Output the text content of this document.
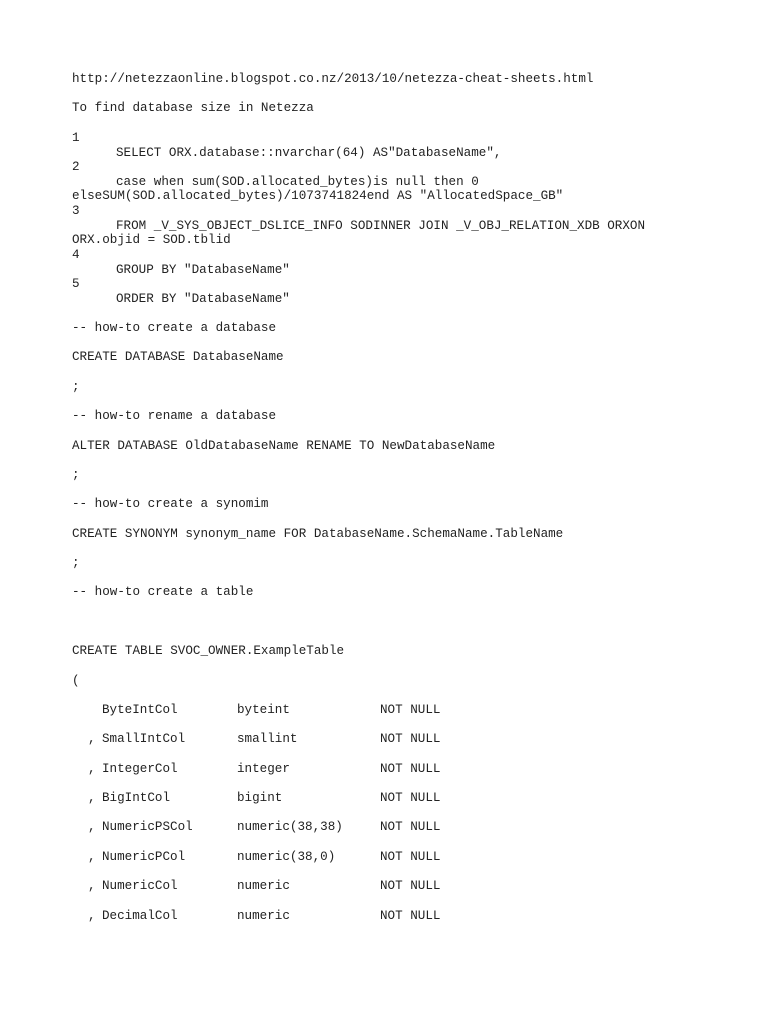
http://netezzaonline.blogspot.co.nz/2013/10/netezza-cheat-sheets.html
To find database size in Netezza
1
SELECT ORX.database::nvarchar(64) AS"DatabaseName",
2
case when sum(SOD.allocated_bytes)is null then 0
elseSUM(SOD.allocated_bytes)/1073741824end AS "AllocatedSpace_GB"
3
FROM _V_SYS_OBJECT_DSLICE_INFO SODINNER JOIN _V_OBJ_RELATION_XDB ORXON
ORX.objid = SOD.tblid
4
GROUP BY "DatabaseName"
5
ORDER BY "DatabaseName"
-- how-to create a database
CREATE DATABASE DatabaseName
;
-- how-to rename a database
ALTER DATABASE OldDatabaseName RENAME TO NewDatabaseName
;
-- how-to create a synomim
CREATE SYNONYM synonym_name FOR DatabaseName.SchemaName.TableName
;
-- how-to create a table
CREATE TABLE SVOC_OWNER.ExampleTable
(
ByteIntCol	byteint	NOT NULL
, SmallIntCol	smallint	NOT NULL
, IntegerCol	integer	NOT NULL
, BigIntCol	bigint	NOT NULL
, NumericPSCol	numeric(38,38)	NOT NULL
, NumericPCol	numeric(38,0)	NOT NULL
, NumericCol	numeric	NOT NULL
, DecimalCol	numeric	NOT NULL
